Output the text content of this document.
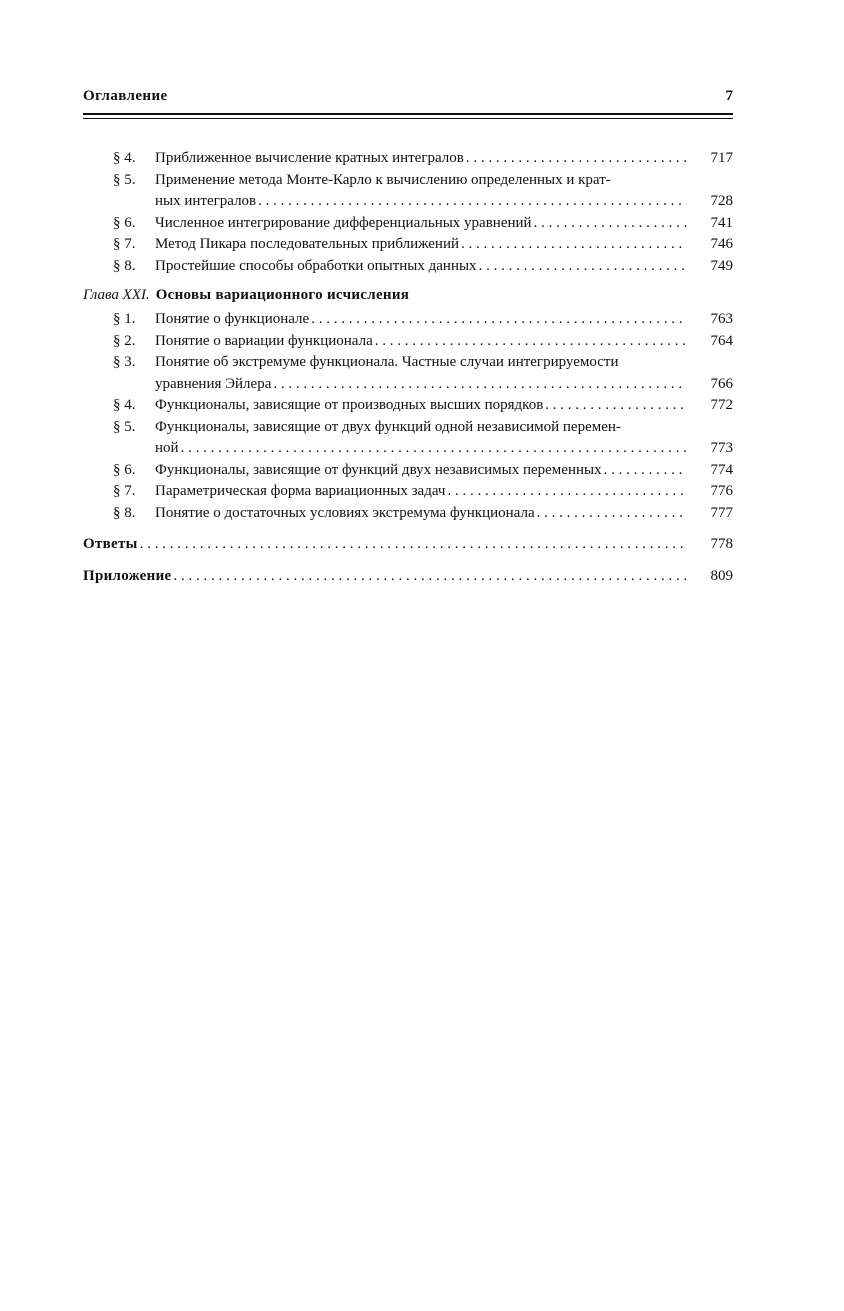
Оглавление	7
§ 4.	Приближенное вычисление кратных интегралов . . .	717
§ 5.	Применение метода Монте-Карло к вычислению определенных и крат-
ных интегралов . . .	728
§ 6.	Численное интегрирование дифференциальных уравнений . . .	741
§ 7.	Метод Пикара последовательных приближений . . .	746
§ 8.	Простейшие способы обработки опытных данных . . .	749
Глава XXI. Основы вариационного исчисления
§ 1.	Понятие о функционале . . .	763
§ 2.	Понятие о вариации функционала . . .	764
§ 3.	Понятие об экстремуме функционала. Частные случаи интегрируемости
уравнения Эйлера . . .	766
§ 4.	Функционалы, зависящие от производных высших порядков . . .	772
§ 5.	Функционалы, зависящие от двух функций одной независимой перемен-
ной . . .	773
§ 6.	Функционалы, зависящие от функций двух независимых переменных . . .	774
§ 7.	Параметрическая форма вариационных задач . . .	776
§ 8.	Понятие о достаточных условиях экстремума функционала . . .	777
Ответы . . .	778
Приложение . . .	809
